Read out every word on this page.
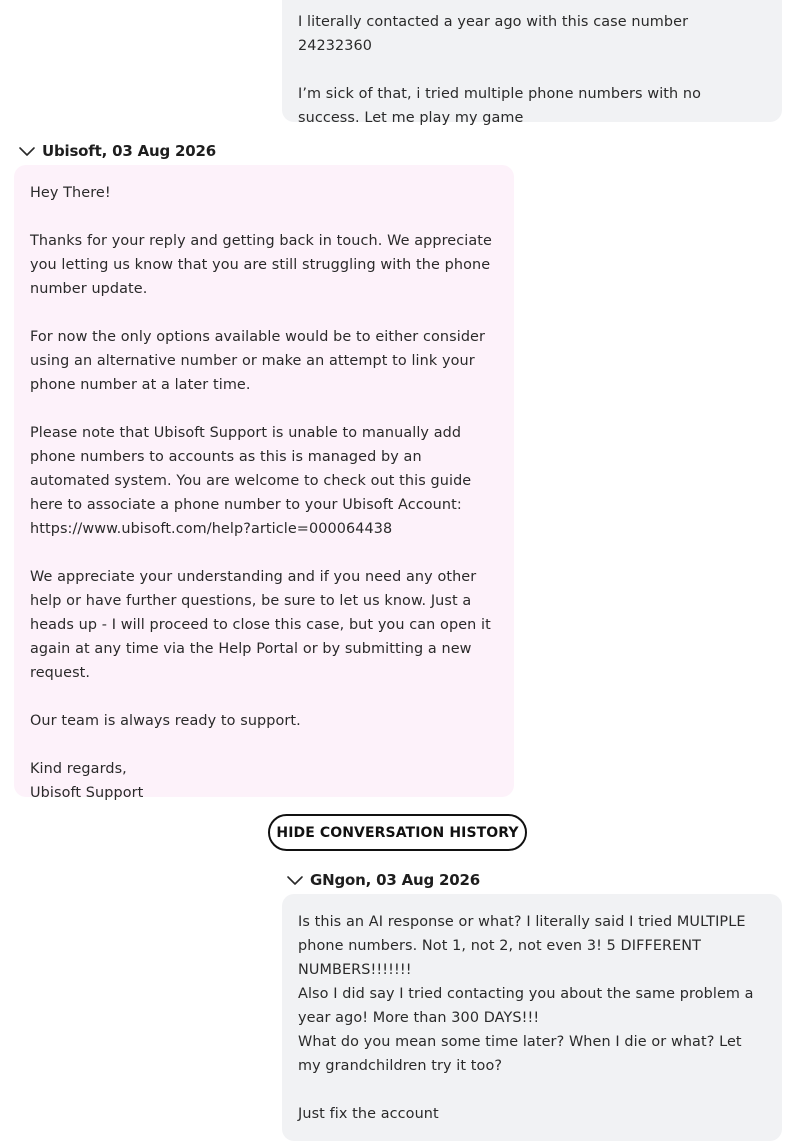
I literally contacted a year ago with this case number 24232360

I’m sick of that, i tried multiple phone numbers with no success. Let me play my game

Ubisoft, 03 Aug 2026

Hey There!

Thanks for your reply and getting back in touch. We appreciate you letting us know that you are still struggling with the phone number update.

For now the only options available would be to either consider using an alternative number or make an attempt to link your phone number at a later time.

Please note that Ubisoft Support is unable to manually add phone numbers to accounts as this is managed by an automated system. You are welcome to check out this guide here to associate a phone number to your Ubisoft Account: https://www.ubisoft.com/help?article=000064438

We appreciate your understanding and if you need any other help or have further questions, be sure to let us know. Just a heads up - I will proceed to close this case, but you can open it again at any time via the Help Portal or by submitting a new request.

Our team is always ready to support.

Kind regards,
Ubisoft Support

HIDE CONVERSATION HISTORY
GNgon, 03 Aug 2026

Is this an AI response or what? I literally said I tried MULTIPLE phone numbers. Not 1, not 2, not even 3! 5 DIFFERENT NUMBERS!!!!!!!
Also I did say I tried contacting you about the same problem a year ago! More than 300 DAYS!!!
What do you mean some time later? When I die or what? Let my grandchildren try it too?

Just fix the account
